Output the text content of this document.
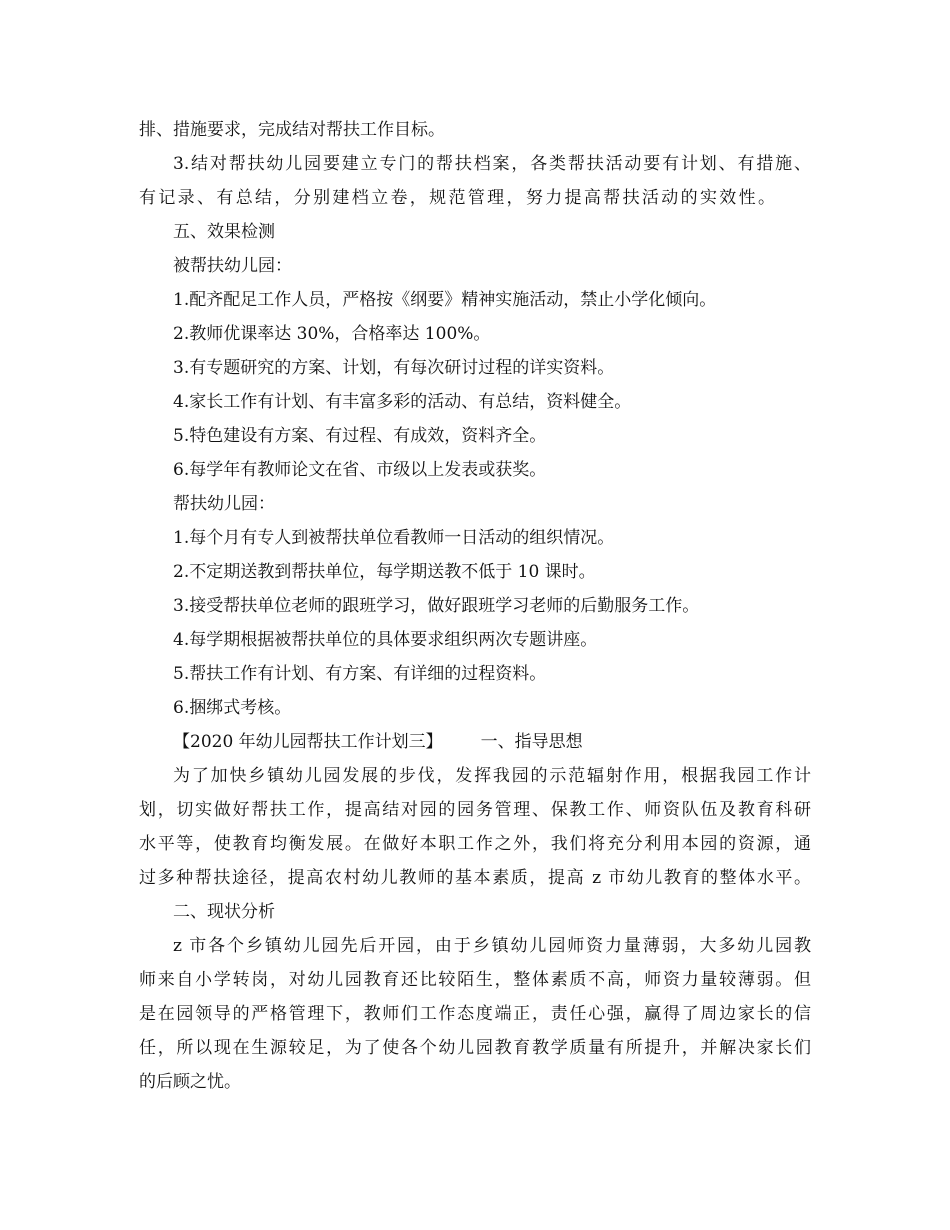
排、措施要求，完成结对帮扶工作目标。
3.结对帮扶幼儿园要建立专门的帮扶档案，各类帮扶活动要有计划、有措施、
有记录、有总结，分别建档立卷，规范管理，努力提高帮扶活动的实效性。
五、效果检测
被帮扶幼儿园：
1.配齐配足工作人员，严格按《纲要》精神实施活动，禁止小学化倾向。
2.教师优课率达 30%，合格率达 100%。
3.有专题研究的方案、计划，有每次研讨过程的详实资料。
4.家长工作有计划、有丰富多彩的活动、有总结，资料健全。
5.特色建设有方案、有过程、有成效，资料齐全。
6.每学年有教师论文在省、市级以上发表或获奖。
帮扶幼儿园：
1.每个月有专人到被帮扶单位看教师一日活动的组织情况。
2.不定期送教到帮扶单位，每学期送教不低于 10 课时。
3.接受帮扶单位老师的跟班学习，做好跟班学习老师的后勤服务工作。
4.每学期根据被帮扶单位的具体要求组织两次专题讲座。
5.帮扶工作有计划、有方案、有详细的过程资料。
6.捆绑式考核。
【2020 年幼儿园帮扶工作计划三】 一、指导思想
为了加快乡镇幼儿园发展的步伐，发挥我园的示范辐射作用，根据我园工作计
划，切实做好帮扶工作，提高结对园的园务管理、保教工作、师资队伍及教育科研
水平等，使教育均衡发展。在做好本职工作之外，我们将充分利用本园的资源，通
过多种帮扶途径，提高农村幼儿教师的基本素质，提高 z 市幼儿教育的整体水平。
二、现状分析
z 市各个乡镇幼儿园先后开园，由于乡镇幼儿园师资力量薄弱，大多幼儿园教
师来自小学转岗，对幼儿园教育还比较陌生，整体素质不高，师资力量较薄弱。但
是在园领导的严格管理下，教师们工作态度端正，责任心强，赢得了周边家长的信
任，所以现在生源较足，为了使各个幼儿园教育教学质量有所提升，并解决家长们
的后顾之忧。
